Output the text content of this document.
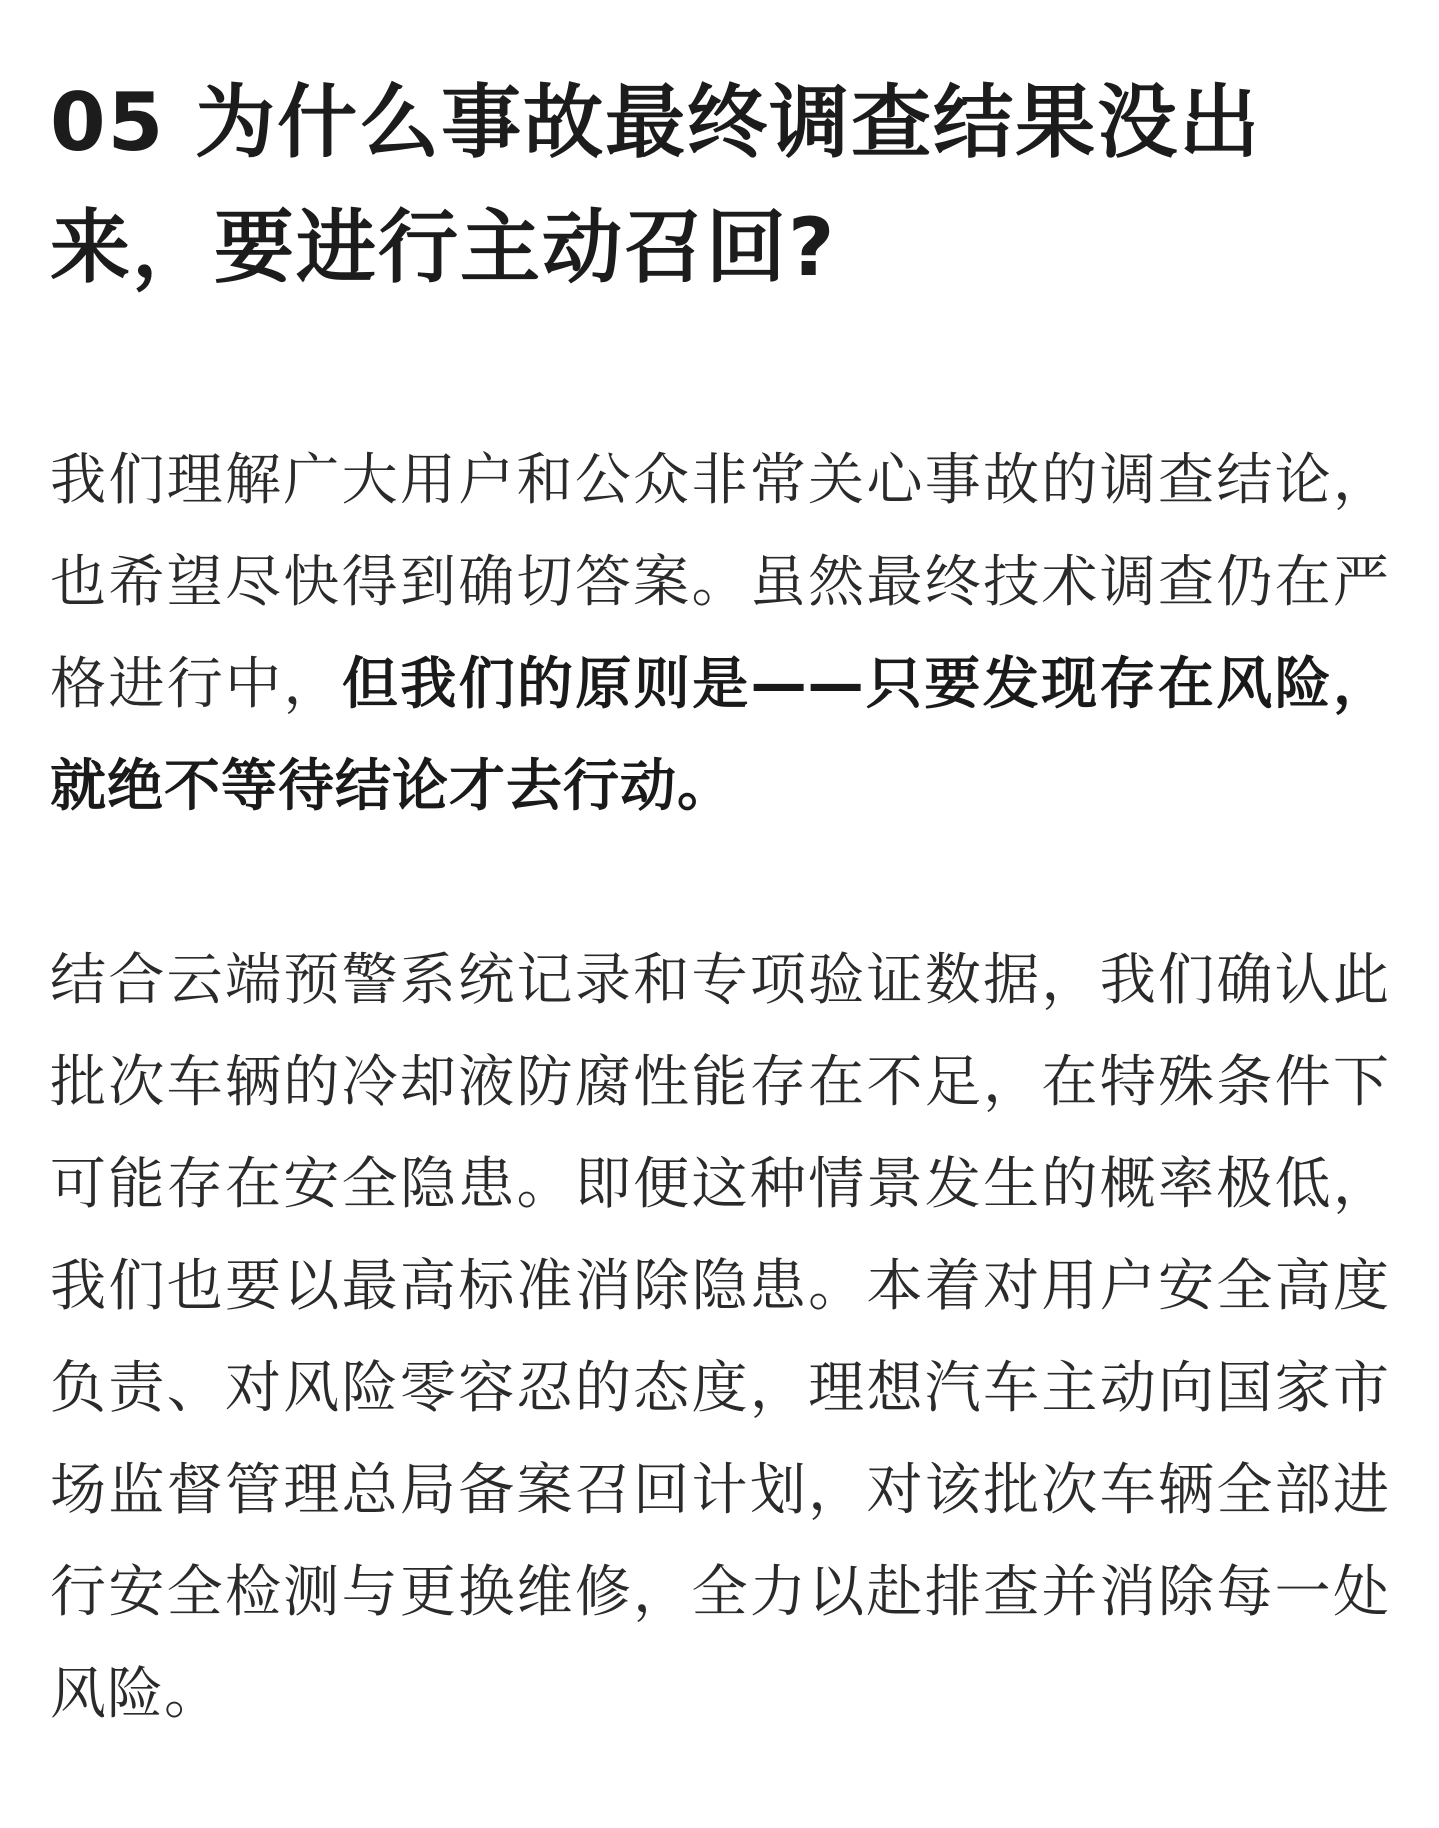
05 为什么事故最终调查结果没出来，要进行主动召回?

我们理解广大用户和公众非常关心事故的调查结论，也希望尽快得到确切答案。虽然最终技术调查仍在严格进行中，但我们的原则是——只要发现存在风险，就绝不等待结论才去行动。

结合云端预警系统记录和专项验证数据，我们确认此批次车辆的冷却液防腐性能存在不足，在特殊条件下可能存在安全隐患。即便这种情景发生的概率极低，我们也要以最高标准消除隐患。本着对用户安全高度负责、对风险零容忍的态度，理想汽车主动向国家市场监督管理总局备案召回计划，对该批次车辆全部进行安全检测与更换维修，全力以赴排查并消除每一处风险。
